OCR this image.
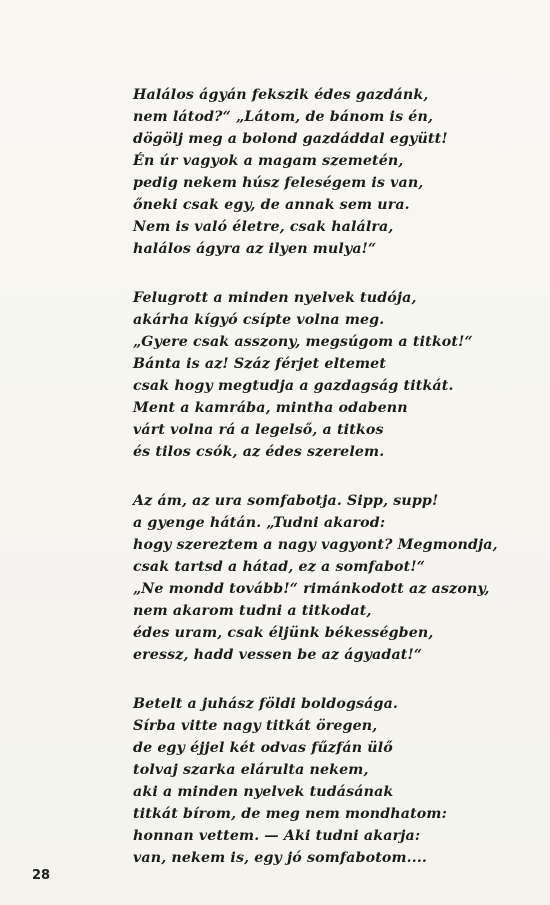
Halálos ágyán fekszik édes gazdánk,
nem látod?“ „Látom, de bánom is én,
dögölj meg a bolond gazdáddal együtt!
Én úr vagyok a magam szemetén,
pedig nekem húsz feleségem is van,
őneki csak egy, de annak sem ura.
Nem is való életre, csak halálra,
halálos ágyra az ilyen mulya!“
Felugrott a minden nyelvek tudója,
akárha kígyó csípte volna meg.
„Gyere csak asszony, megsúgom a titkot!“
Bánta is az! Száz férjet eltemet
csak hogy megtudja a gazdagság titkát.
Ment a kamrába, mintha odabenn
várt volna rá a legelső, a titkos
és tilos csók, az édes szerelem.
Az ám, az ura somfabotja. Sipp, supp!
a gyenge hátán. „Tudni akarod:
hogy szereztem a nagy vagyont? Megmondja,
csak tartsd a hátad, ez a somfabot!“
„Ne mondd tovább!“ rimánkodott az aszony,
nem akarom tudni a titkodat,
édes uram, csak éljünk békességben,
eressz, hadd vessen be az ágyadat!“
Betelt a juhász földi boldogsága.
Sírba vitte nagy titkát öregen,
de egy éjjel két odvas fűzfán ülő
tolvaj szarka elárulta nekem,
aki a minden nyelvek tudásának
titkát bírom, de meg nem mondhatom:
honnan vettem. — Aki tudni akarja:
van, nekem is, egy jó somfabotom....
28
